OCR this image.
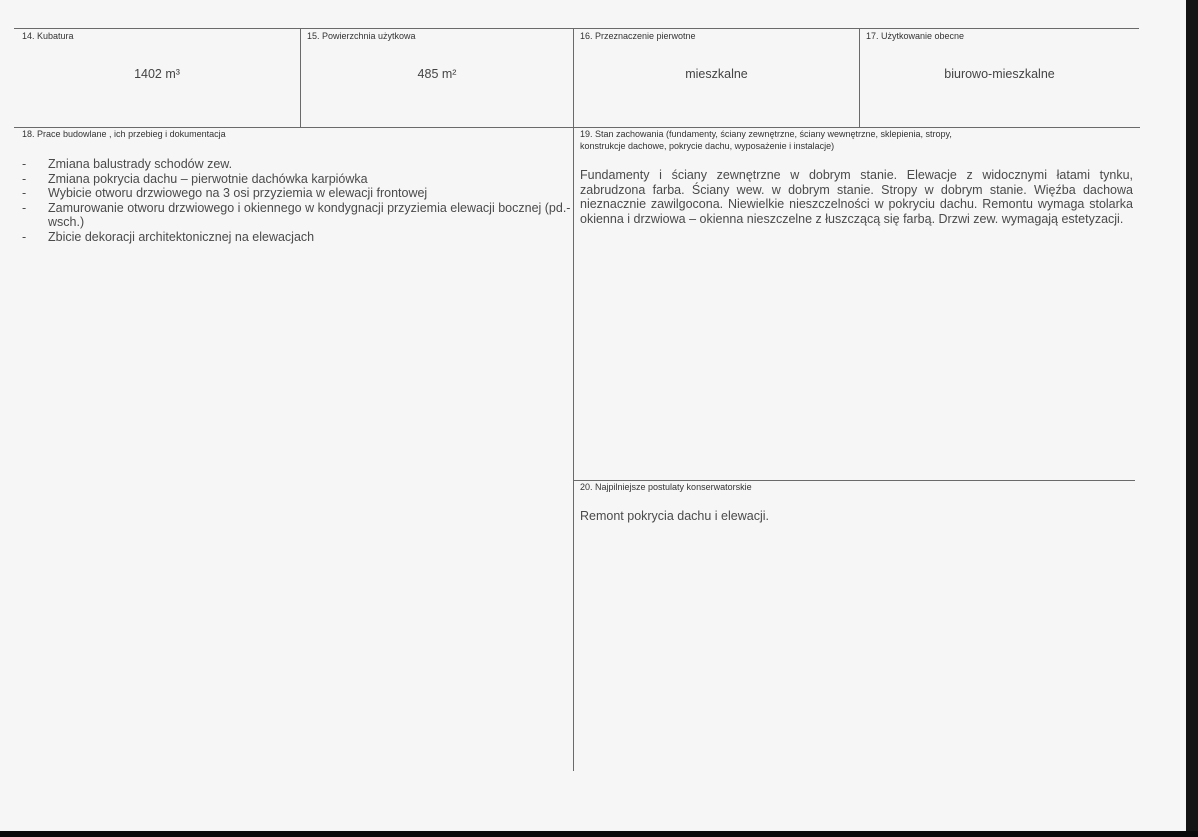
14. Kubatura	15. Powierzchnia użytkowa	16. Przeznaczenie pierwotne	17. Użytkowanie obecne
1402 m³	485 m²	mieszkalne	biurowo-mieszkalne
18. Prace budowlane , ich przebieg i dokumentacja
- Zmiana balustrady schodów zew.
- Zmiana pokrycia dachu – pierwotnie dachówka karpiówka
- Wybicie otworu drzwiowego na 3 osi przyziemia w elewacji frontowej
- Zamurowanie otworu drzwiowego i okiennego w kondygnacji przyziemia elewacji bocznej (pd.-wsch.)
- Zbicie dekoracji architektonicznej na elewacjach
19. Stan zachowania (fundamenty, ściany zewnętrzne, ściany wewnętrzne, sklepienia, stropy,
konstrukcje dachowe, pokrycie dachu, wyposażenie i instalacje)
Fundamenty i ściany zewnętrzne w dobrym stanie. Elewacje z widocznymi łatami tynku, zabrudzona farba. Ściany wew. w dobrym stanie. Stropy w dobrym stanie. Więźba dachowa nieznacznie zawilgocona. Niewielkie nieszczelności w pokryciu dachu. Remontu wymaga stolarka okienna i drzwiowa – okienna nieszczelne z łuszczącą się farbą. Drzwi zew. wymagają estetyzacji.
20. Najpilniejsze postulaty konserwatorskie
Remont pokrycia dachu i elewacji.
